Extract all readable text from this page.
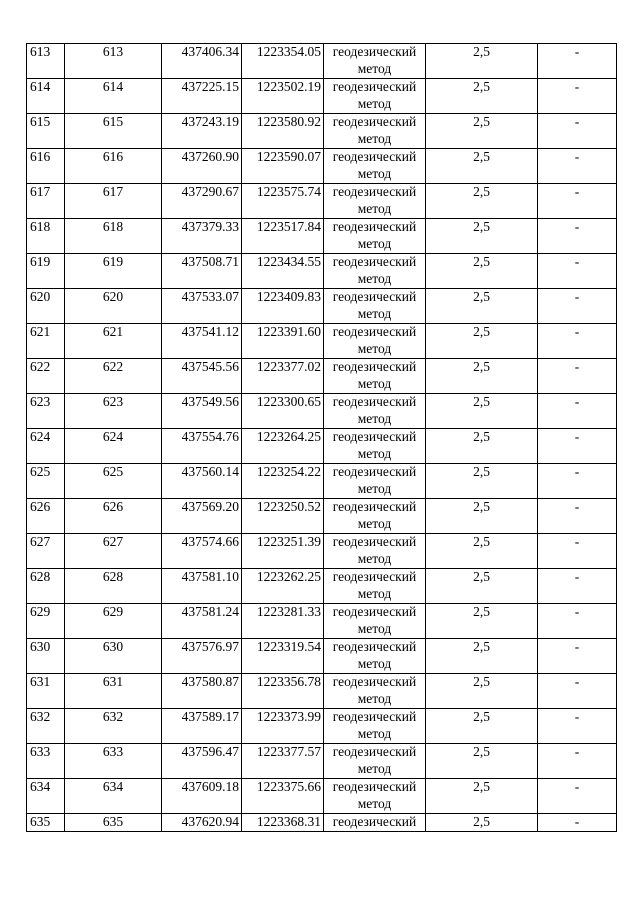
613	613	437406.34	1223354.05	геодезический
метод	2,5	-
614	614	437225.15	1223502.19	геодезический
метод	2,5	-
615	615	437243.19	1223580.92	геодезический
метод	2,5	-
616	616	437260.90	1223590.07	геодезический
метод	2,5	-
617	617	437290.67	1223575.74	геодезический
метод	2,5	-
618	618	437379.33	1223517.84	геодезический
метод	2,5	-
619	619	437508.71	1223434.55	геодезический
метод	2,5	-
620	620	437533.07	1223409.83	геодезический
метод	2,5	-
621	621	437541.12	1223391.60	геодезический
метод	2,5	-
622	622	437545.56	1223377.02	геодезический
метод	2,5	-
623	623	437549.56	1223300.65	геодезический
метод	2,5	-
624	624	437554.76	1223264.25	геодезический
метод	2,5	-
625	625	437560.14	1223254.22	геодезический
метод	2,5	-
626	626	437569.20	1223250.52	геодезический
метод	2,5	-
627	627	437574.66	1223251.39	геодезический
метод	2,5	-
628	628	437581.10	1223262.25	геодезический
метод	2,5	-
629	629	437581.24	1223281.33	геодезический
метод	2,5	-
630	630	437576.97	1223319.54	геодезический
метод	2,5	-
631	631	437580.87	1223356.78	геодезический
метод	2,5	-
632	632	437589.17	1223373.99	геодезический
метод	2,5	-
633	633	437596.47	1223377.57	геодезический
метод	2,5	-
634	634	437609.18	1223375.66	геодезический
метод	2,5	-
635	635	437620.94	1223368.31	геодезический	2,5	-
